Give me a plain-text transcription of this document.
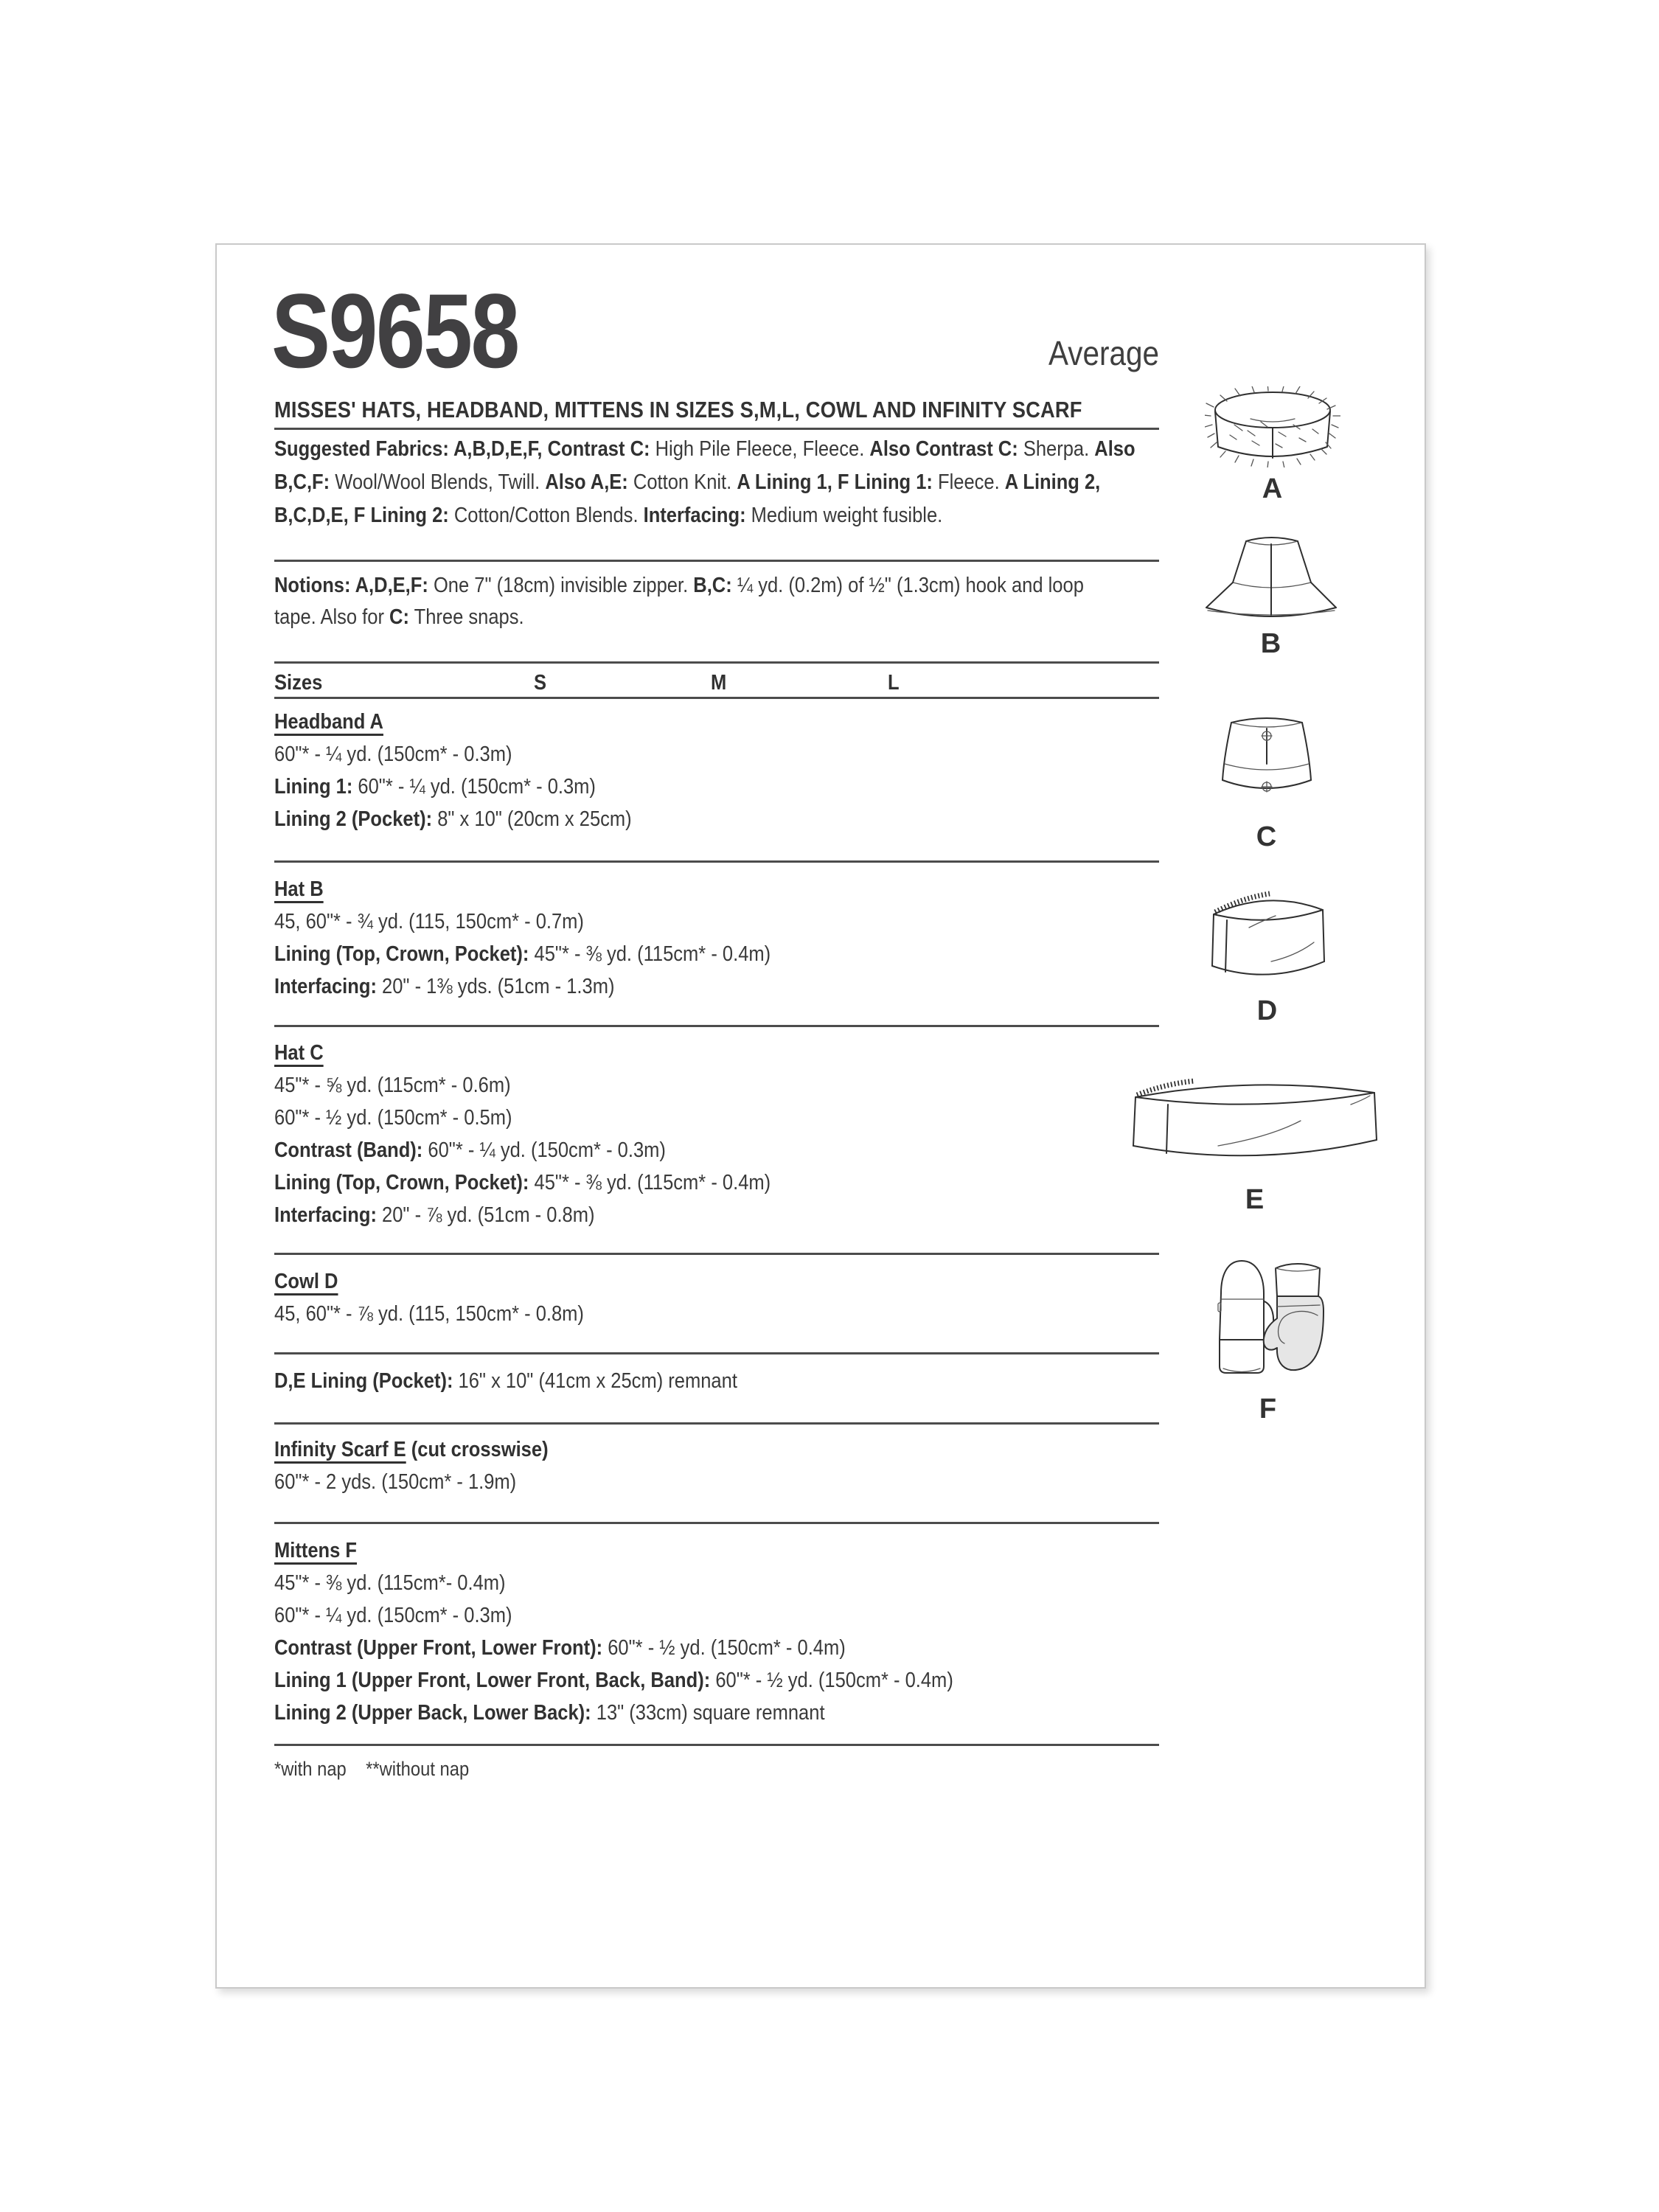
S9658	Average
MISSES' HATS, HEADBAND, MITTENS IN SIZES S,M,L, COWL AND INFINITY SCARF
Suggested Fabrics: A,B,D,E,F, Contrast C: High Pile Fleece, Fleece. Also Contrast C: Sherpa. Also
B,C,F: Wool/Wool Blends, Twill. Also A,E: Cotton Knit. A Lining 1, F Lining 1: Fleece. A Lining 2,
B,C,D,E, F Lining 2: Cotton/Cotton Blends. Interfacing: Medium weight fusible.
Notions: A,D,E,F: One 7" (18cm) invisible zipper. B,C: ¼ yd. (0.2m) of ½" (1.3cm) hook and loop
tape. Also for C: Three snaps.
Headband A
60"* - ¼ yd. (150cm* - 0.3m)
Lining 1: 60"* - ¼ yd. (150cm* - 0.3m)
Lining 2 (Pocket): 8" x 10" (20cm x 25cm)
Hat B
45, 60"* - ¾ yd. (115, 150cm* - 0.7m)
Lining (Top, Crown, Pocket): 45"* - ⅜ yd. (115cm* - 0.4m)
Interfacing: 20" - 1⅜ yds. (51cm - 1.3m)
Hat C
45"* - ⅝ yd. (115cm* - 0.6m)
60"* - ½ yd. (150cm* - 0.5m)
Contrast (Band): 60"* - ¼ yd. (150cm* - 0.3m)
Lining (Top, Crown, Pocket): 45"* - ⅜ yd. (115cm* - 0.4m)
Interfacing: 20" - ⅞ yd. (51cm - 0.8m)
Cowl D
45, 60"* - ⅞ yd. (115, 150cm* - 0.8m)
D,E Lining (Pocket): 16" x 10" (41cm x 25cm) remnant
Infinity Scarf E (cut crosswise)
60"* - 2 yds. (150cm* - 1.9m)
Mittens F
45"* - ⅜ yd. (115cm*- 0.4m)
60"* - ¼ yd. (150cm* - 0.3m)
Contrast (Upper Front, Lower Front): 60"* - ½ yd. (150cm* - 0.4m)
Lining 1 (Upper Front, Lower Front, Back, Band): 60"* - ½ yd. (150cm* - 0.4m)
Lining 2 (Upper Back, Lower Back): 13" (33cm) square remnant
Sizes	S	M	L
*with nap    **without nap
A
B
C
D
E
F
